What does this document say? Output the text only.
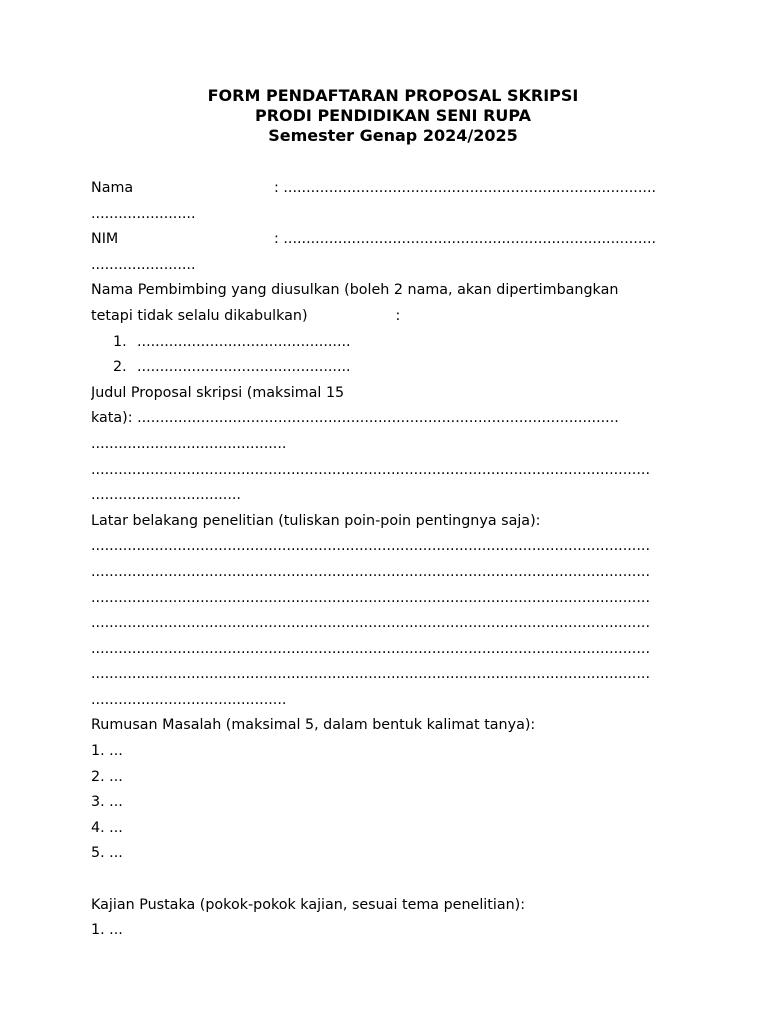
FORM PENDAFTARAN PROPOSAL SKRIPSI
PRODI PENDIDIKAN SENI RUPA
Semester Genap 2024/2025
Nama	: ..................................................................................
.......................
NIM	: ..................................................................................
.......................
Nama Pembimbing yang diusulkan (boleh 2 nama, akan dipertimbangkan
tetapi tidak selalu dikabulkan)	:
1. ...............................................
2. ...............................................
Judul Proposal skripsi (maksimal 15
kata): ..........................................................................................................
...........................................
...........................................................................................................................
.................................
Latar belakang penelitian (tuliskan poin-poin pentingnya saja):
...........................................................................................................................
...........................................................................................................................
...........................................................................................................................
...........................................................................................................................
...........................................................................................................................
...........................................................................................................................
...........................................
Rumusan Masalah (maksimal 5, dalam bentuk kalimat tanya):
1. ...
2. ...
3. ...
4. ...
5. ...
Kajian Pustaka (pokok-pokok kajian, sesuai tema penelitian):
1. ...
